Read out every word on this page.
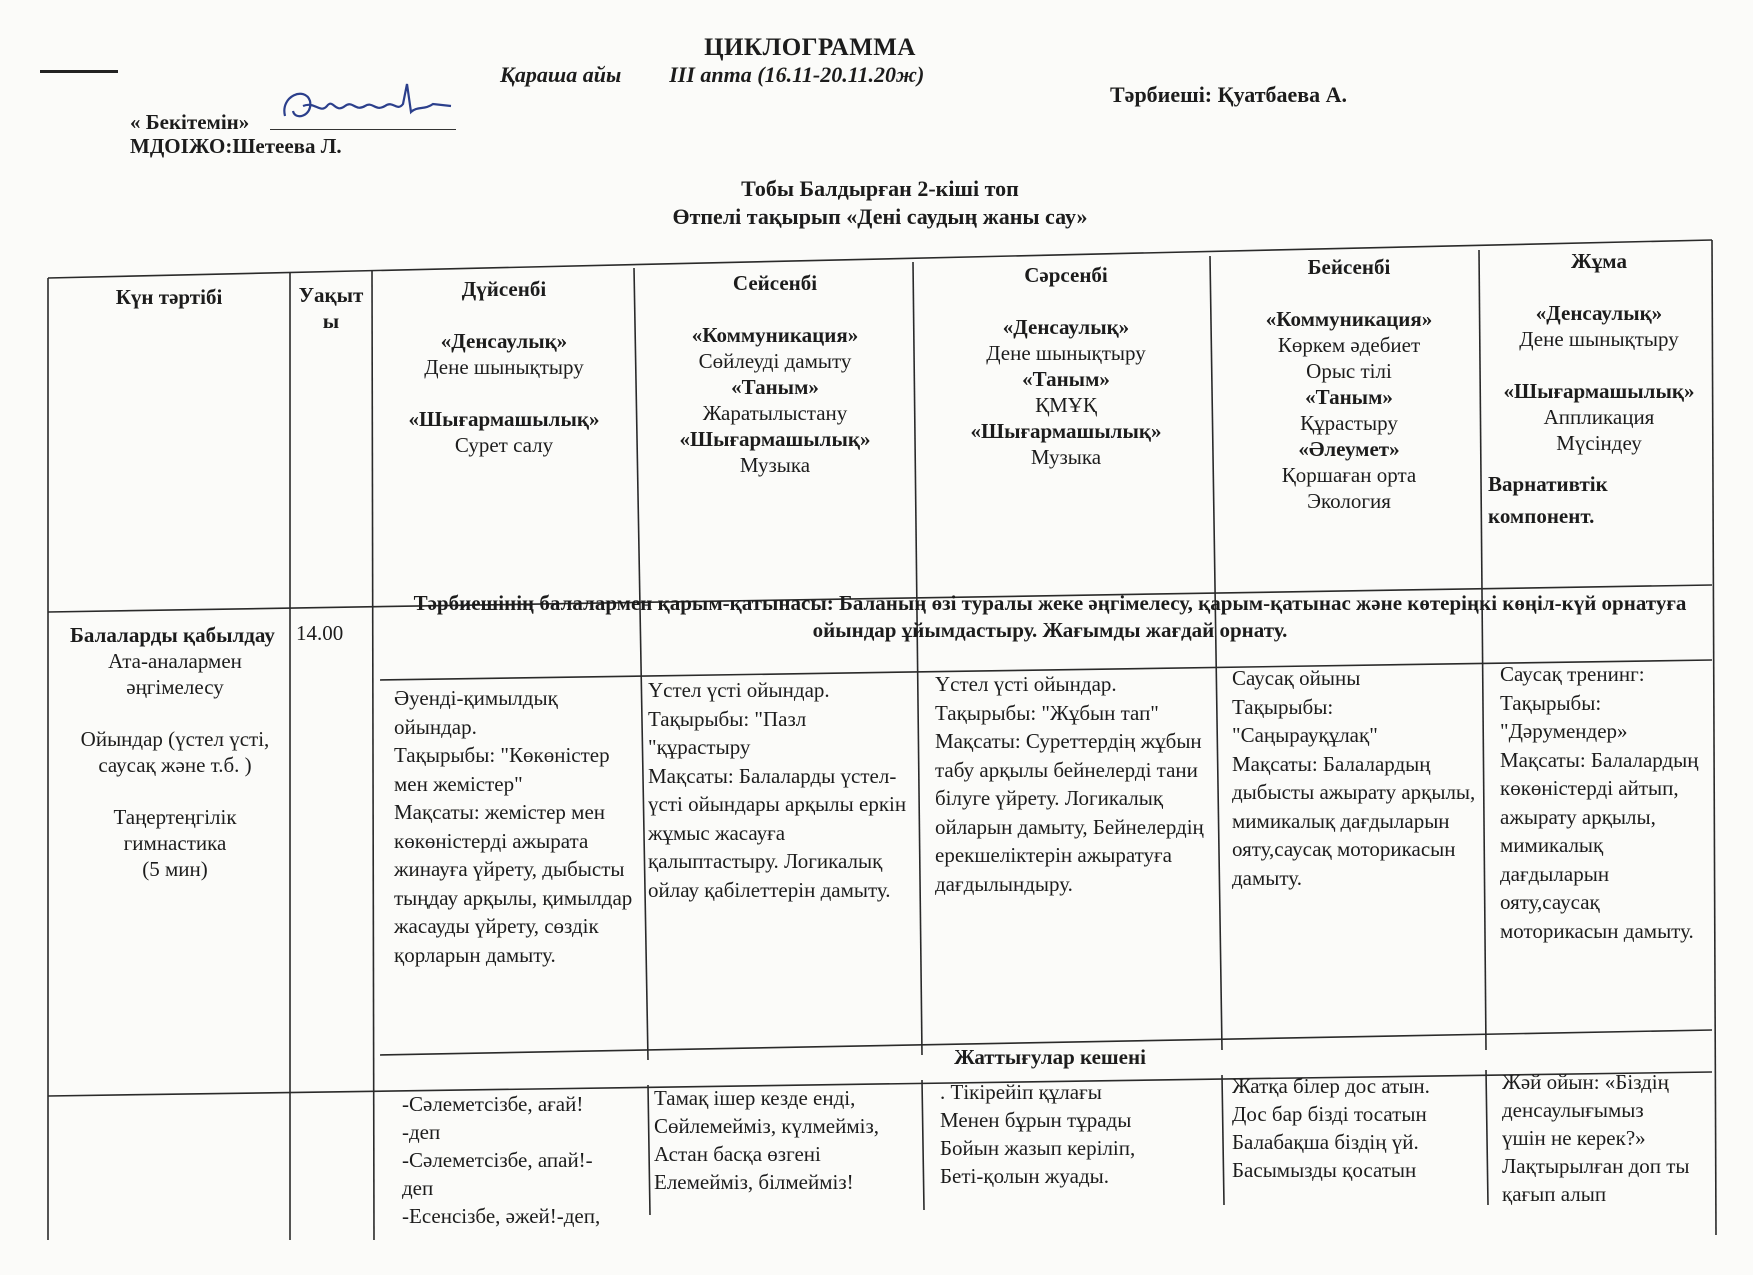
ЦИКЛОГРАММА
Қараша айы ІІІ апта (16.11-20.11.20ж)
Тәрбиеші: Қуатбаева А.
« Бекітемін»
МДОІЖО:Шетеева Л.
Тобы Балдырған 2-кіші топ
Өтпелі тақырып «Дені саудың жаны сау»
Күн тәртібі	Уақыты

Дүйсенбі

«Денсаулық»

Дене шынықтыру

«Шығармашылық»

Сурет салу

Сейсенбі

«Коммуникация»

Сөйлеуді дамыту

«Таным»

Жаратылыстану

«Шығармашылық»

Музыка

Сәрсенбі

«Денсаулық»

Дене шынықтыру

«Таным»

ҚМҰҚ

«Шығармашылық»

Музыка

Бейсенбі

«Коммуникация»

Көркем әдебиет

Орыс тілі

«Таным»

Құрастыру

«Әлеумет»

Қоршаған орта

Экология

Жұма

«Денсаулық»

Дене шынықтыру

«Шығармашылық»

Аппликация

Мүсіндеу

Варнативтік компонент.

Балаларды қабылдау

Ата-аналармен әңгімелесу

Ойындар (үстел үсті, саусақ және т.б. )

Таңертеңгілік гимнастика

(5 мин)

14.00
Тәрбиешінің балалармен қарым-қатынасы: Баланың өзі туралы жеке әңгімелесу, қарым-қатынас және көтеріңкі көңіл-күй орнатуға ойындар ұйымдастыру. Жағымды жағдай орнату.
Әуенді-қимылдық ойындар.
Тақырыбы: "Көкөністер мен жемістер"
Мақсаты: жемістер мен көкөністерді ажырата жинауға үйрету, дыбысты тыңдау арқылы, қимылдар жасауды үйрету, сөздік қорларын дамыту.
Үстел үсті ойындар.
Тақырыбы: "Пазл "құрастыру
Мақсаты: Балаларды үстел-үсті ойындары арқылы еркін жұмыс жасауға қалыптастыру. Логикалық ойлау қабілеттерін дамыту.
Үстел үсті ойындар.
Тақырыбы: "Жұбын тап"
Мақсаты: Суреттердің жұбын табу арқылы бейнелерді тани білуге үйрету. Логикалық ойларын дамыту, Бейнелердің ерекшеліктерін ажыратуға дағдылындыру.
Саусақ ойыны
Тақырыбы: "Саңырауқұлақ"
Мақсаты: Балалардың дыбысты ажырату арқылы, мимикалық дағдыларын ояту,саусақ моторикасын дамыту.
Саусақ тренинг:
Тақырыбы: "Дәрумендер»
Мақсаты: Балалардың көкөністерді айтып, ажырату арқылы, мимикалық дағдыларын ояту,саусақ моторикасын дамыту.
Жаттығулар кешені
-Сәлеметсізбе, ағай!
-деп
-Сәлеметсізбе, апай!-
деп
-Есенсізбе, әжей!-деп,
Тамақ ішер кезде енді,
Сөйлемейміз, күлмейміз,
Астан басқа өзгені
Елемейміз, білмейміз!
. Тікірейіп құлағы
Менен бұрын тұрады
Бойын жазып керіліп,
Беті-қолын жуады.
Жатқа білер дос атын.
Дос бар бізді тосатын
Балабақша біздің үй.
Басымызды қосатын
Жәй ойын: «Біздің
денсаулығымыз
үшін не керек?»
Лақтырылған доп ты
қағып алып
